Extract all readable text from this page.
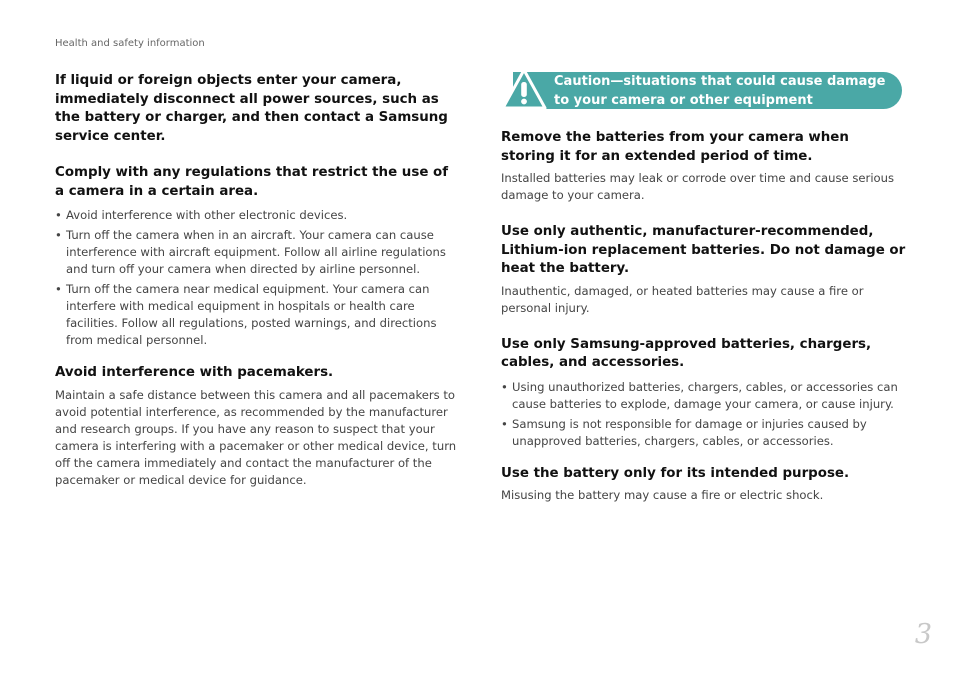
Health and safety information

If liquid or foreign objects enter your camera, immediately disconnect all power sources, such as the battery or charger, and then contact a Samsung service center.

Comply with any regulations that restrict the use of a camera in a certain area.

• Avoid interference with other electronic devices.
• Turn off the camera when in an aircraft. Your camera can cause interference with aircraft equipment. Follow all airline regulations and turn off your camera when directed by airline personnel.
• Turn off the camera near medical equipment. Your camera can interfere with medical equipment in hospitals or health care facilities. Follow all regulations, posted warnings, and directions from medical personnel.

Avoid interference with pacemakers.

Maintain a safe distance between this camera and all pacemakers to avoid potential interference, as recommended by the manufacturer and research groups. If you have any reason to suspect that your camera is interfering with a pacemaker or other medical device, turn off the camera immediately and contact the manufacturer of the pacemaker or medical device for guidance.

Caution—situations that could cause damage to your camera or other equipment

Remove the batteries from your camera when storing it for an extended period of time.

Installed batteries may leak or corrode over time and cause serious damage to your camera.

Use only authentic, manufacturer-recommended, Lithium-ion replacement batteries. Do not damage or heat the battery.

Inauthentic, damaged, or heated batteries may cause a fire or personal injury.

Use only Samsung-approved batteries, chargers, cables, and accessories.

• Using unauthorized batteries, chargers, cables, or accessories can cause batteries to explode, damage your camera, or cause injury.
• Samsung is not responsible for damage or injuries caused by unapproved batteries, chargers, cables, or accessories.

Use the battery only for its intended purpose.

Misusing the battery may cause a fire or electric shock.

3
